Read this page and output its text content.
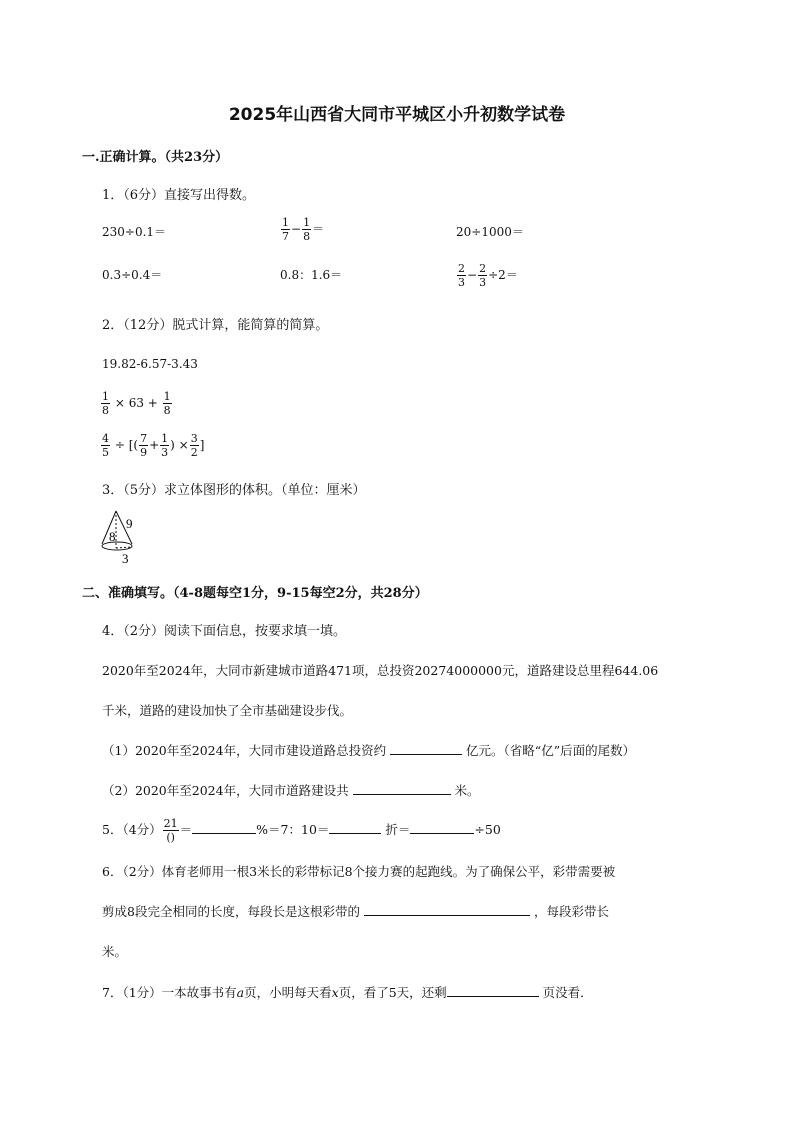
2025年山西省大同市平城区小升初数学试卷
一.正确计算。（共23分）
1．（6分）直接写出得数。
230÷0.1＝	$\frac{1}{7} - \frac{1}{8}$ ＝	20÷1000＝
0.3÷0.4＝	0.8：1.6＝	$\frac{2}{3} - \frac{2}{3} \div 2=$
2．（12分）脱式计算，能简算的简算。
19.82-6.57-3.43
$\frac{1}{8} \times 63 + \frac{1}{8}$
$\frac{4}{5}$ ÷ [( $\frac{7}{9} + \frac{1}{3}$ ) × $\frac{3}{2}$ ]
3．（5分）求立体图形的体积。（单位：厘米）
9
8
3
二、准确填写。（4-8题每空1分，9-15每空2分，共28分）
4．（2分）阅读下面信息，按要求填一填。
2020年至2024年，大同市新建城市道路471项，总投资20274000000元，道路建设总里程644.06
千米，道路的建设加快了全市基础建设步伐。
（1）2020年至2024年，大同市建设道路总投资约	亿元。（省略“亿”后面的尾数）
（2）2020年至2024年，大同市道路建设共	米。
5．（4分） $\frac{21}{()}$ ＝	%＝7：10＝	折＝	÷50
6．（2分）体育老师用一根3米长的彩带标记8个接力赛的起跑线。为了确保公平，彩带需要被
剪成8段完全相同的长度，每段长是这根彩带的	，每段彩带长
米。
7．（1分）一本故事书有a页，小明每天看x页，看了5天，还剩	页没看．
